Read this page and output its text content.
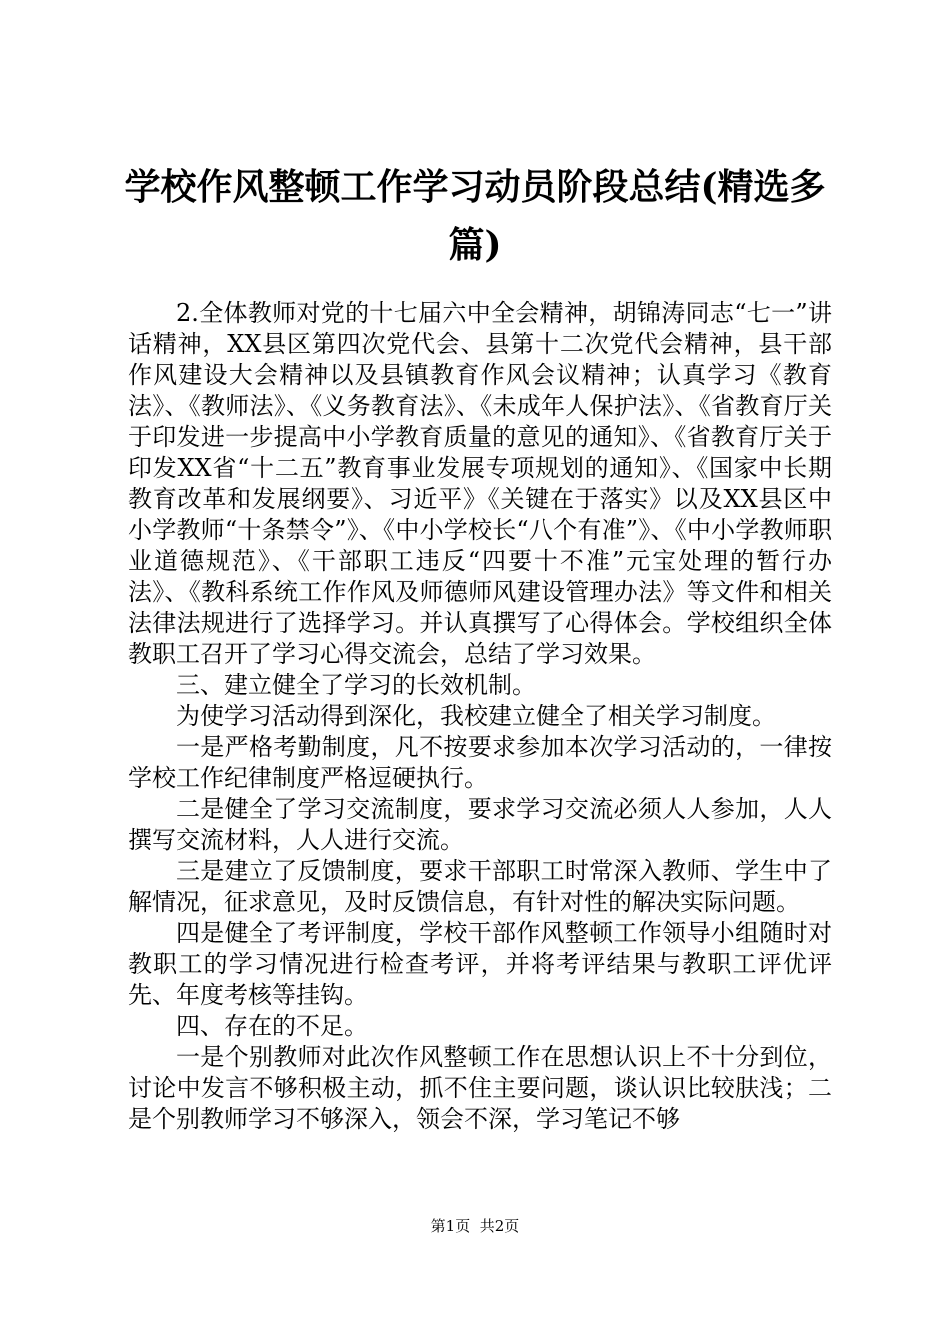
学校作风整顿工作学习动员阶段总结(精选多篇)

2.全体教师对党的十七届六中全会精神，胡锦涛同志“七一”讲话精神，XX县区第四次党代会、县第十二次党代会精神，县干部作风建设大会精神以及县镇教育作风会议精神；认真学习《教育法》、《教师法》、《义务教育法》、《未成年人保护法》、《省教育厅关于印发进一步提高中小学教育质量的意见的通知》、《省教育厅关于印发XX省“十二五”教育事业发展专项规划的通知》、《国家中长期教育改革和发展纲要》、习近平》《关键在于落实》以及XX县区中小学教师“十条禁令”》、《中小学校长“八个有准”》、《中小学教师职业道德规范》、《干部职工违反“四要十不准”元宝处理的暂行办法》、《教科系统工作作风及师德师风建设管理办法》等文件和相关法律法规进行了选择学习。并认真撰写了心得体会。学校组织全体教职工召开了学习心得交流会，总结了学习效果。

三、建立健全了学习的长效机制。

为使学习活动得到深化，我校建立健全了相关学习制度。

一是严格考勤制度，凡不按要求参加本次学习活动的，一律按学校工作纪律制度严格逗硬执行。

二是健全了学习交流制度，要求学习交流必须人人参加，人人撰写交流材料，人人进行交流。

三是建立了反馈制度，要求干部职工时常深入教师、学生中了解情况，征求意见，及时反馈信息，有针对性的解决实际问题。

四是健全了考评制度，学校干部作风整顿工作领导小组随时对教职工的学习情况进行检查考评，并将考评结果与教职工评优评先、年度考核等挂钩。

四、存在的不足。

一是个别教师对此次作风整顿工作在思想认识上不十分到位，讨论中发言不够积极主动，抓不住主要问题，谈认识比较肤浅；二是个别教师学习不够深入，领会不深，学习笔记不够

第1页 共2页
